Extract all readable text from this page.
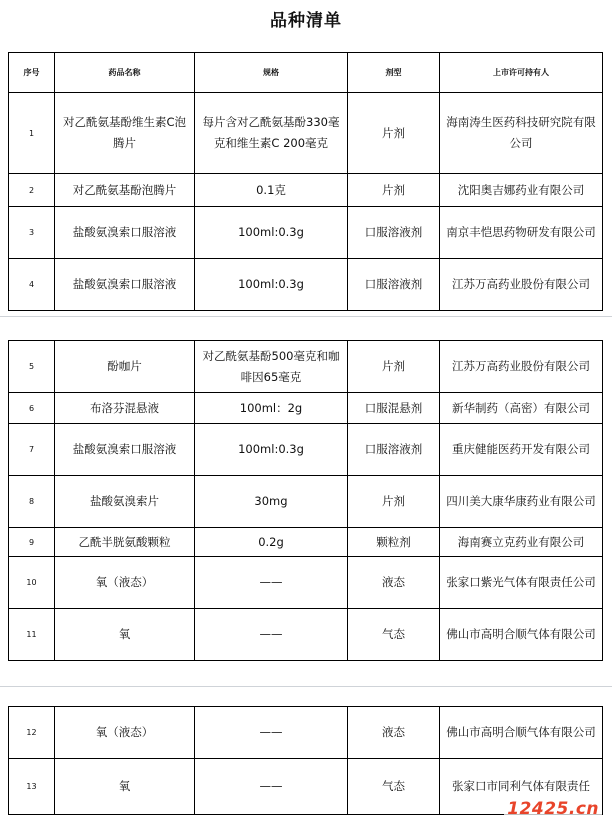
品种清单
序号	药品名称	规格	剂型	上市许可持有人
1	对乙酰氨基酚维生素C泡腾片	每片含对乙酰氨基酚330毫克和维生素C 200毫克	片剂	海南涛生医药科技研究院有限公司
2	对乙酰氨基酚泡腾片	0.1克	片剂	沈阳奥吉娜药业有限公司
3	盐酸氨溴索口服溶液	100ml:0.3g	口服溶液剂	南京丰恺思药物研发有限公司
4	盐酸氨溴索口服溶液	100ml:0.3g	口服溶液剂	江苏万高药业股份有限公司
5	酚咖片	对乙酰氨基酚500毫克和咖啡因65毫克	片剂	江苏万高药业股份有限公司
6	布洛芬混悬液	100ml：2g	口服混悬剂	新华制药（高密）有限公司
7	盐酸氨溴索口服溶液	100ml:0.3g	口服溶液剂	重庆健能医药开发有限公司
8	盐酸氨溴索片	30mg	片剂	四川美大康华康药业有限公司
9	乙酰半胱氨酸颗粒	0.2g	颗粒剂	海南赛立克药业有限公司
10	氧（液态）	——	液态	张家口紫光气体有限责任公司
11	氧	——	气态	佛山市高明合顺气体有限公司
12	氧（液态）	——	液态	佛山市高明合顺气体有限公司
13	氧	——	气态	张家口市同利气体有限责任
12425.cn
